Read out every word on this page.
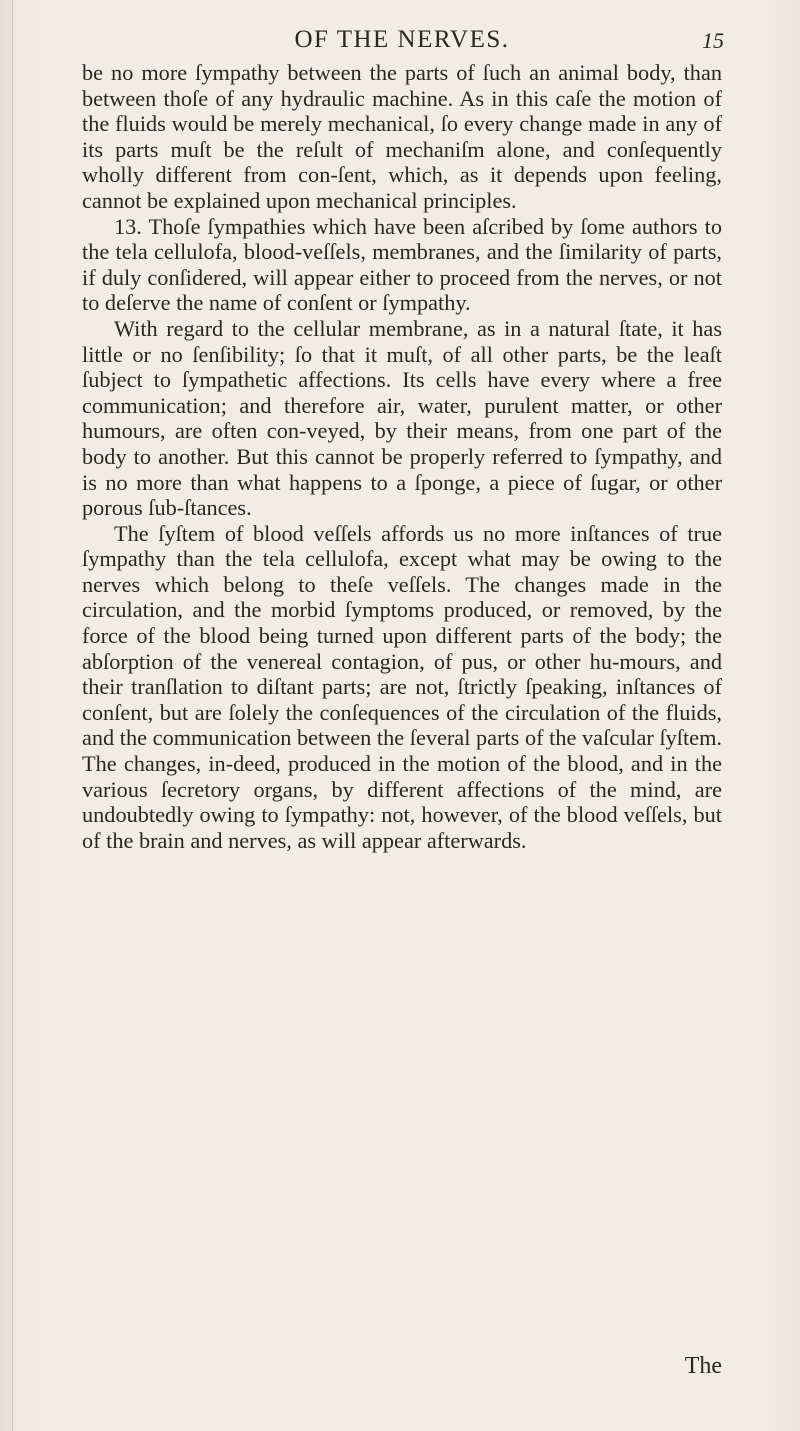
OF THE NERVES.	15

be no more ſympathy between the parts of ſuch an animal body, than between thoſe of any hydraulic machine. As in this caſe the motion of the fluids would be merely mechanical, ſo every change made in any of its parts muſt be the reſult of mechaniſm alone, and conſequently wholly different from con-ſent, which, as it depends upon feeling, cannot be explained upon mechanical principles.

13. Thoſe ſympathies which have been aſcribed by ſome authors to the tela cellulofa, blood-veſſels, membranes, and the ſimilarity of parts, if duly conſidered, will appear either to proceed from the nerves, or not to deſerve the name of conſent or ſympathy.

With regard to the cellular membrane, as in a natural ſtate, it has little or no ſenſibility; ſo that it muſt, of all other parts, be the leaſt ſubject to ſympathetic affections. Its cells have every where a free communication; and therefore air, water, purulent matter, or other humours, are often con-veyed, by their means, from one part of the body to another. But this cannot be properly referred to ſympathy, and is no more than what happens to a ſponge, a piece of ſugar, or other porous ſub-ſtances.

The ſyſtem of blood veſſels affords us no more inſtances of true ſympathy than the tela cellulofa, except what may be owing to the nerves which belong to theſe veſſels. The changes made in the circulation, and the morbid ſymptoms produced, or removed, by the force of the blood being turned upon different parts of the body; the abſorption of the venereal contagion, of pus, or other hu-mours, and their tranſlation to diſtant parts; are not, ſtrictly ſpeaking, inſtances of conſent, but are ſolely the conſequences of the circulation of the fluids, and the communication between the ſeveral parts of the vaſcular ſyſtem. The changes, in-deed, produced in the motion of the blood, and in the various ſecretory organs, by different affections of the mind, are undoubtedly owing to ſympathy: not, however, of the blood veſſels, but of the brain and nerves, as will appear afterwards.

The
